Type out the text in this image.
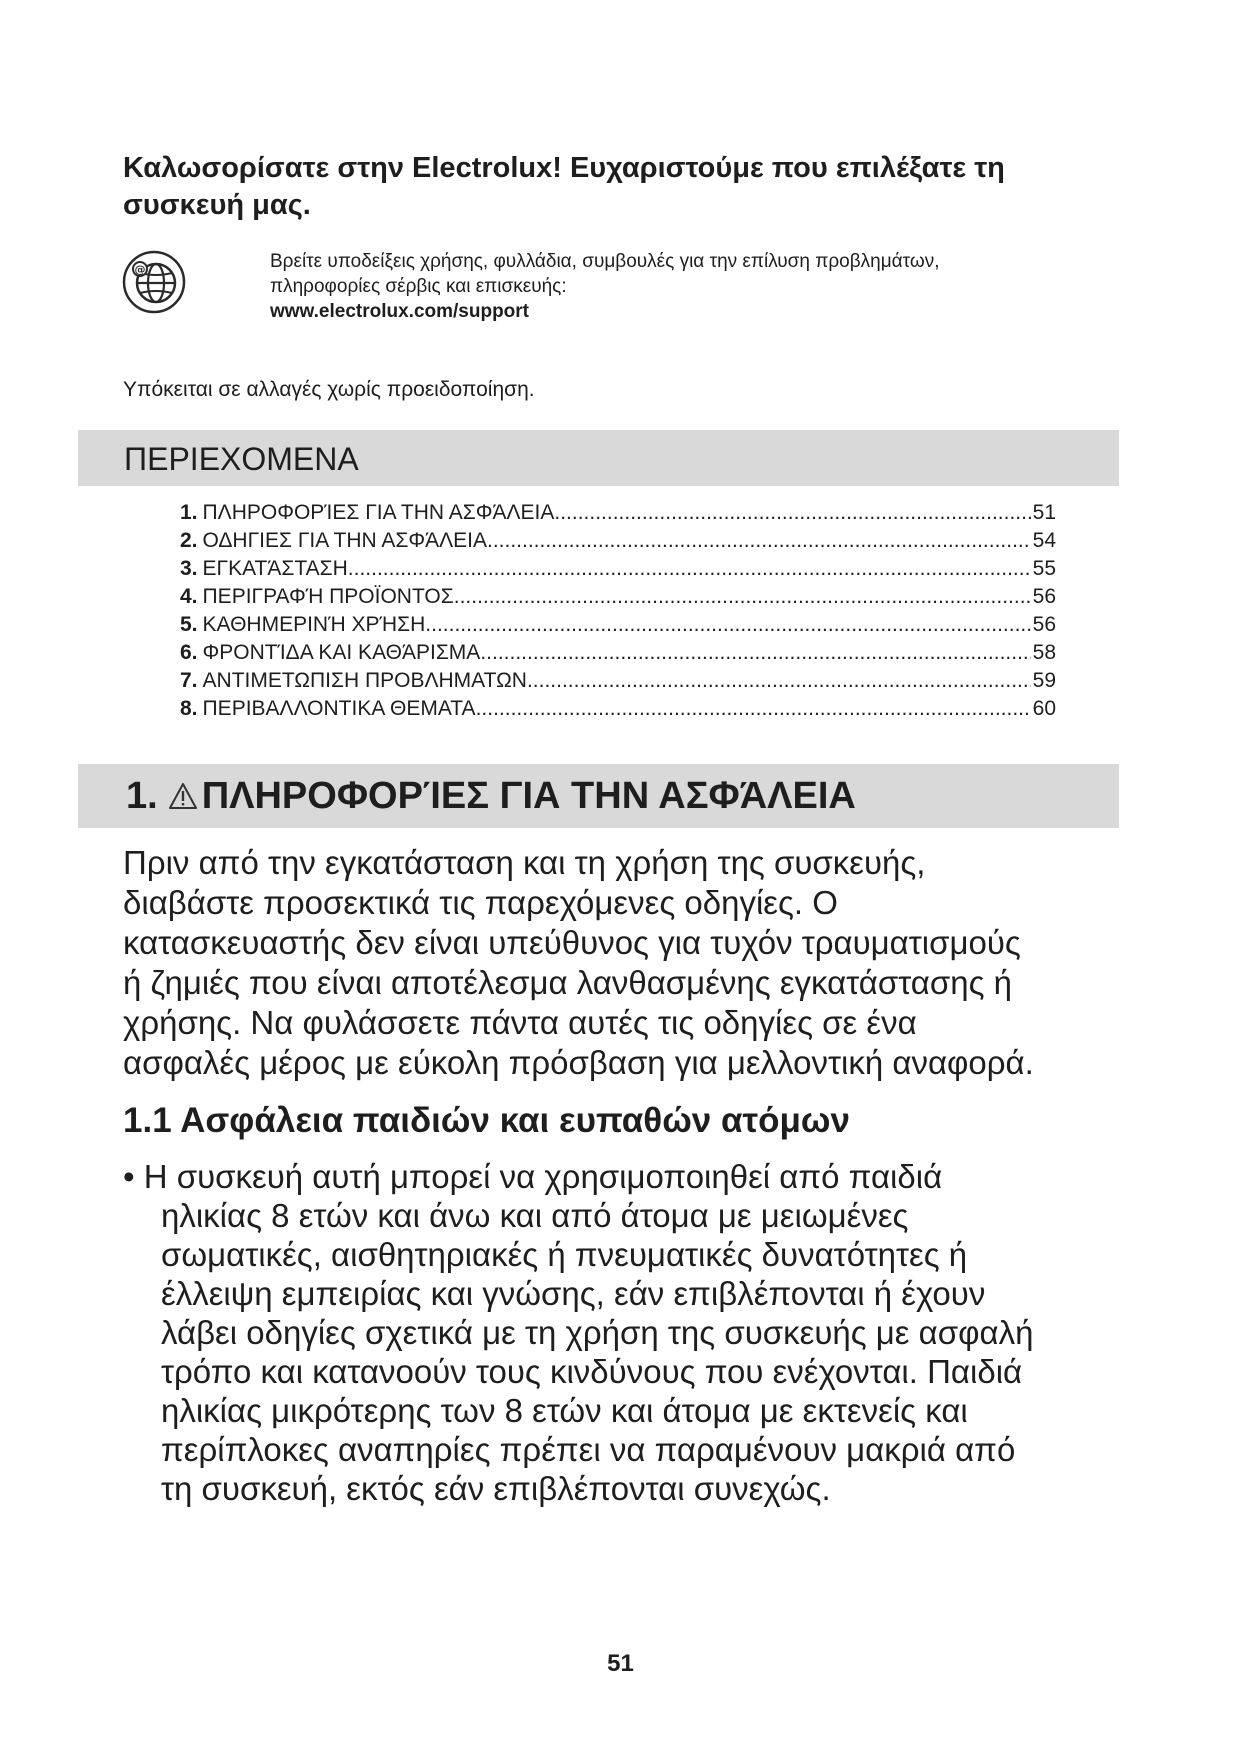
Καλωσορίσατε στην Electrolux! Ευχαριστούμε που επιλέξατε τη συσκευή μας.
@	Βρείτε υποδείξεις χρήσης, φυλλάδια, συμβουλές για την επίλυση προβλημάτων,
πληροφορίες σέρβις και επισκευής:
www.electrolux.com/support
Υπόκειται σε αλλαγές χωρίς προειδοποίηση.
ΠΕΡΙΕΧΟΜΕΝΑ
1. ΠΛΗΡΟΦΟΡΊΕΣ ΓΙΑ ΤΗΝ ΑΣΦΆΛΕΙΑ .....	51
2. ΟΔΗΓΙΕΣ ΓΙΑ ΤΗΝ ΑΣΦΆΛΕΙΑ .....	54
3. ΕΓΚΑΤΆΣΤΑΣΗ .....	55
4. ΠΕΡΙΓΡΑΦΉ ΠΡΟΪΟΝΤΟΣ .....	56
5. ΚΑΘΗΜΕΡΙΝΉ ΧΡΉΣΗ .....	56
6. ΦΡΟΝΤΊΔΑ ΚΑΙ ΚΑΘΆΡΙΣΜΑ .....	58
7. ΑΝΤΙΜΕΤΩΠΙΣΗ ΠΡΟΒΛΗΜΑΤΩΝ .....	59
8. ΠΕΡΙΒΑΛΛΟΝΤΙΚΑ ΘΕΜΑΤΑ .....	60
1. ΠΛΗΡΟΦΟΡΊΕΣ ΓΙΑ ΤΗΝ ΑΣΦΆΛΕΙΑ
Πριν από την εγκατάσταση και τη χρήση της συσκευής,
διαβάστε προσεκτικά τις παρεχόμενες οδηγίες. Ο
κατασκευαστής δεν είναι υπεύθυνος για τυχόν τραυματισμούς
ή ζημιές που είναι αποτέλεσμα λανθασμένης εγκατάστασης ή
χρήσης. Να φυλάσσετε πάντα αυτές τις οδηγίες σε ένα
ασφαλές μέρος με εύκολη πρόσβαση για μελλοντική αναφορά.
1.1 Ασφάλεια παιδιών και ευπαθών ατόμων
• Η συσκευή αυτή μπορεί να χρησιμοποιηθεί από παιδιά
ηλικίας 8 ετών και άνω και από άτομα με μειωμένες
σωματικές, αισθητηριακές ή πνευματικές δυνατότητες ή
έλλειψη εμπειρίας και γνώσης, εάν επιβλέπονται ή έχουν
λάβει οδηγίες σχετικά με τη χρήση της συσκευής με ασφαλή
τρόπο και κατανοούν τους κινδύνους που ενέχονται. Παιδιά
ηλικίας μικρότερης των 8 ετών και άτομα με εκτενείς και
περίπλοκες αναπηρίες πρέπει να παραμένουν μακριά από
τη συσκευή, εκτός εάν επιβλέπονται συνεχώς.
51
